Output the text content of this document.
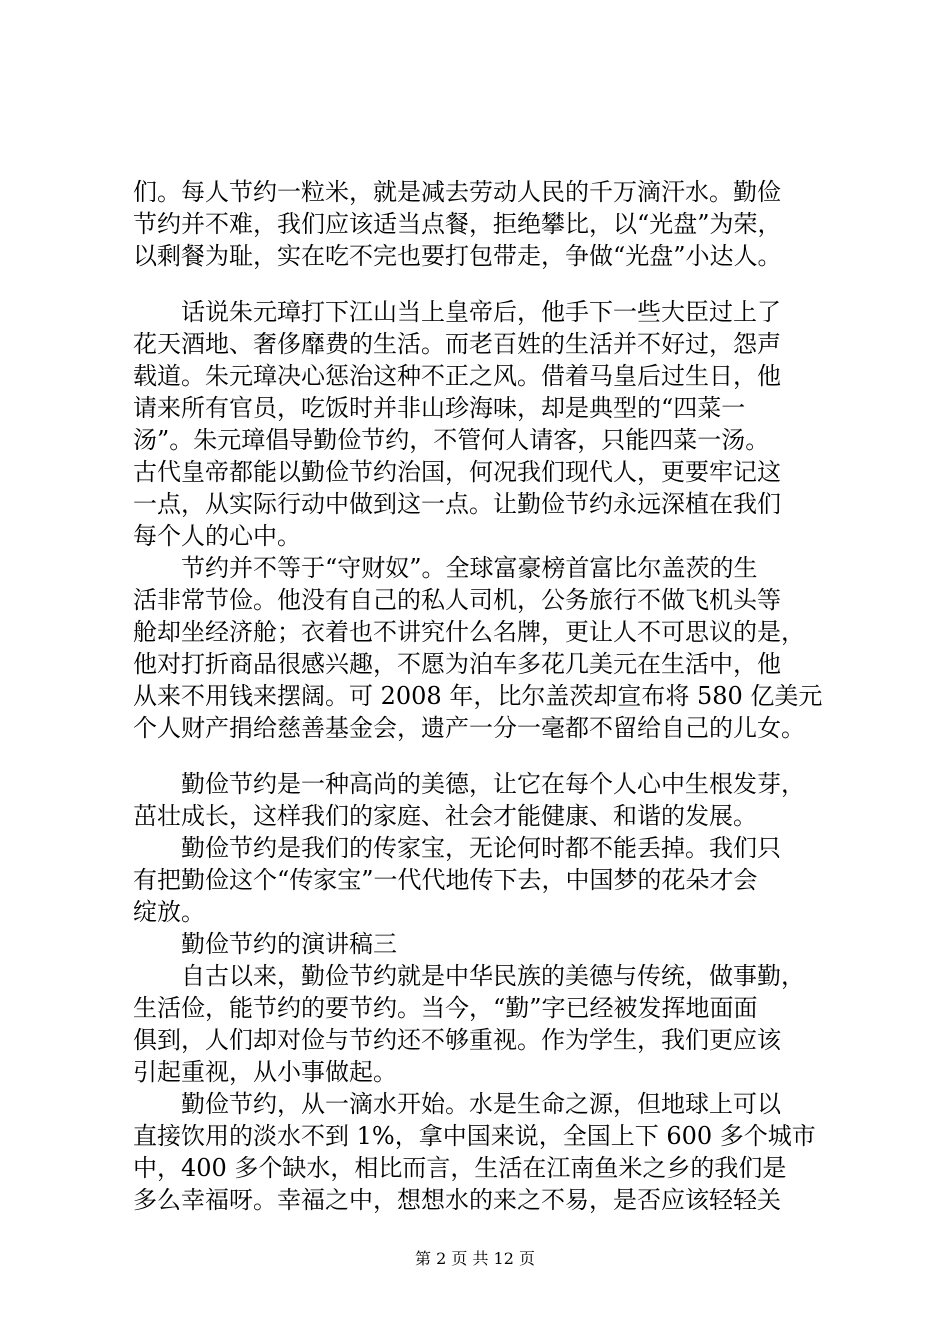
们。每人节约一粒米，就是减去劳动人民的千万滴汗水。勤俭
节约并不难，我们应该适当点餐，拒绝攀比，以“光盘”为荣，
以剩餐为耻，实在吃不完也要打包带走，争做“光盘”小达人。
话说朱元璋打下江山当上皇帝后，他手下一些大臣过上了
花天酒地、奢侈靡费的生活。而老百姓的生活并不好过，怨声
载道。朱元璋决心惩治这种不正之风。借着马皇后过生日，他
请来所有官员，吃饭时并非山珍海味，却是典型的“四菜一
汤”。朱元璋倡导勤俭节约，不管何人请客，只能四菜一汤。
古代皇帝都能以勤俭节约治国，何况我们现代人，更要牢记这
一点，从实际行动中做到这一点。让勤俭节约永远深植在我们
每个人的心中。
节约并不等于“守财奴”。全球富豪榜首富比尔盖茨的生
活非常节俭。他没有自己的私人司机，公务旅行不做飞机头等
舱却坐经济舱；衣着也不讲究什么名牌，更让人不可思议的是，
他对打折商品很感兴趣，不愿为泊车多花几美元在生活中，他
从来不用钱来摆阔。可 2008 年，比尔盖茨却宣布将 580 亿美元
个人财产捐给慈善基金会，遗产一分一毫都不留给自己的儿女。
勤俭节约是一种高尚的美德，让它在每个人心中生根发芽，
茁壮成长，这样我们的家庭、社会才能健康、和谐的发展。
勤俭节约是我们的传家宝，无论何时都不能丢掉。我们只
有把勤俭这个“传家宝”一代代地传下去，中国梦的花朵才会
绽放。
勤俭节约的演讲稿三
自古以来，勤俭节约就是中华民族的美德与传统，做事勤，
生活俭，能节约的要节约。当今，“勤”字已经被发挥地面面
俱到，人们却对俭与节约还不够重视。作为学生，我们更应该
引起重视，从小事做起。
勤俭节约，从一滴水开始。水是生命之源，但地球上可以
直接饮用的淡水不到 1%，拿中国来说，全国上下 600 多个城市
中，400 多个缺水，相比而言，生活在江南鱼米之乡的我们是
多么幸福呀。幸福之中，想想水的来之不易，是否应该轻轻关
第 2 页 共 12 页
